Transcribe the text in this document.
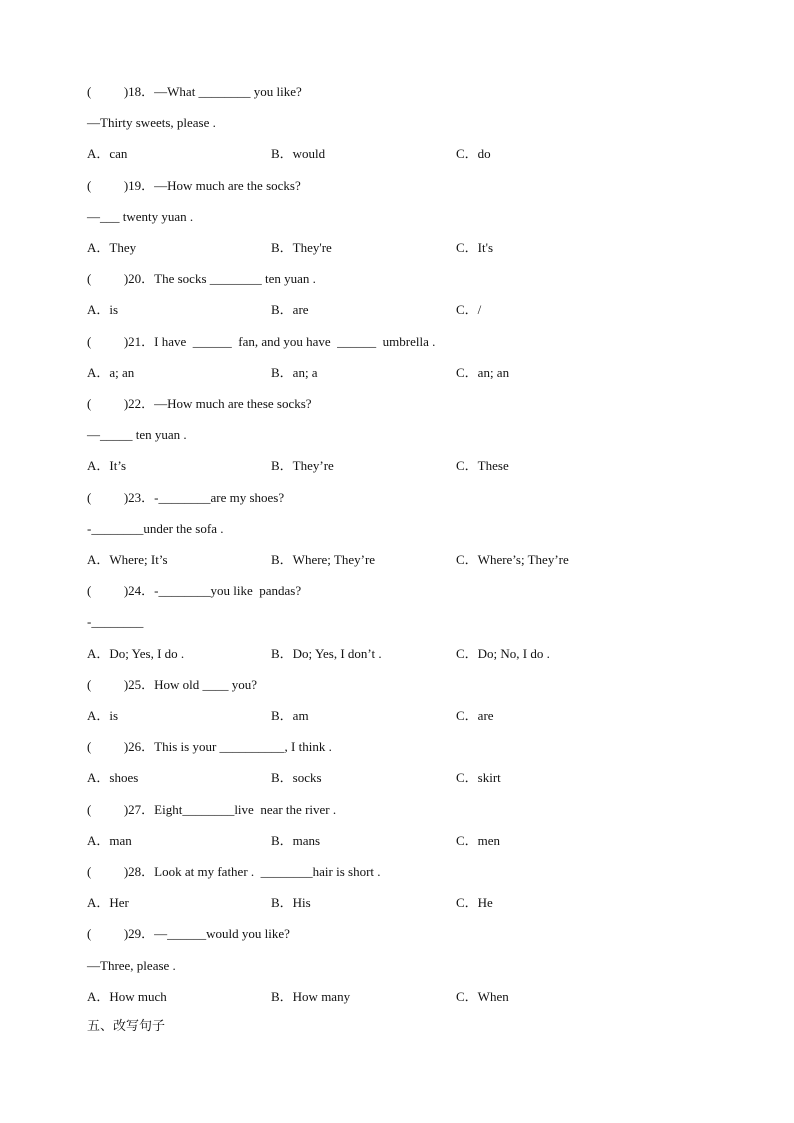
(          )18．—What ________ you like?
—Thirty sweets, please .
A．can	B．would	C．do
(          )19．—How much are the socks?
—___ twenty yuan .
A．They	B．They're	C．It's
(          )20．The socks ________ ten yuan .
A．is	B．are	C．/
(          )21．I have  ______  fan, and you have  ______  umbrella .
A．a; an	B．an; a	C．an; an
(          )22．—How much are these socks?
—_____ ten yuan .
A．It’s	B．They’re	C．These
(          )23．-________are my shoes?
-________under the sofa .
A．Where; It’s	B．Where; They’re	C．Where’s; They’re
(          )24．-________you like  pandas?
-________
A．Do; Yes, I do .	B．Do; Yes, I don’t .	C．Do; No, I do .
(          )25．How old ____ you?
A．is	B．am	C．are
(          )26．This is your __________, I think .
A．shoes	B．socks	C．skirt
(          )27．Eight________live  near the river .
A．man	B．mans	C．men
(          )28．Look at my father .  ________hair is short .
A．Her	B．His	C．He
(          )29．—______would you like?
—Three, please .
A．How much	B．How many	C．When
五、改写句子
